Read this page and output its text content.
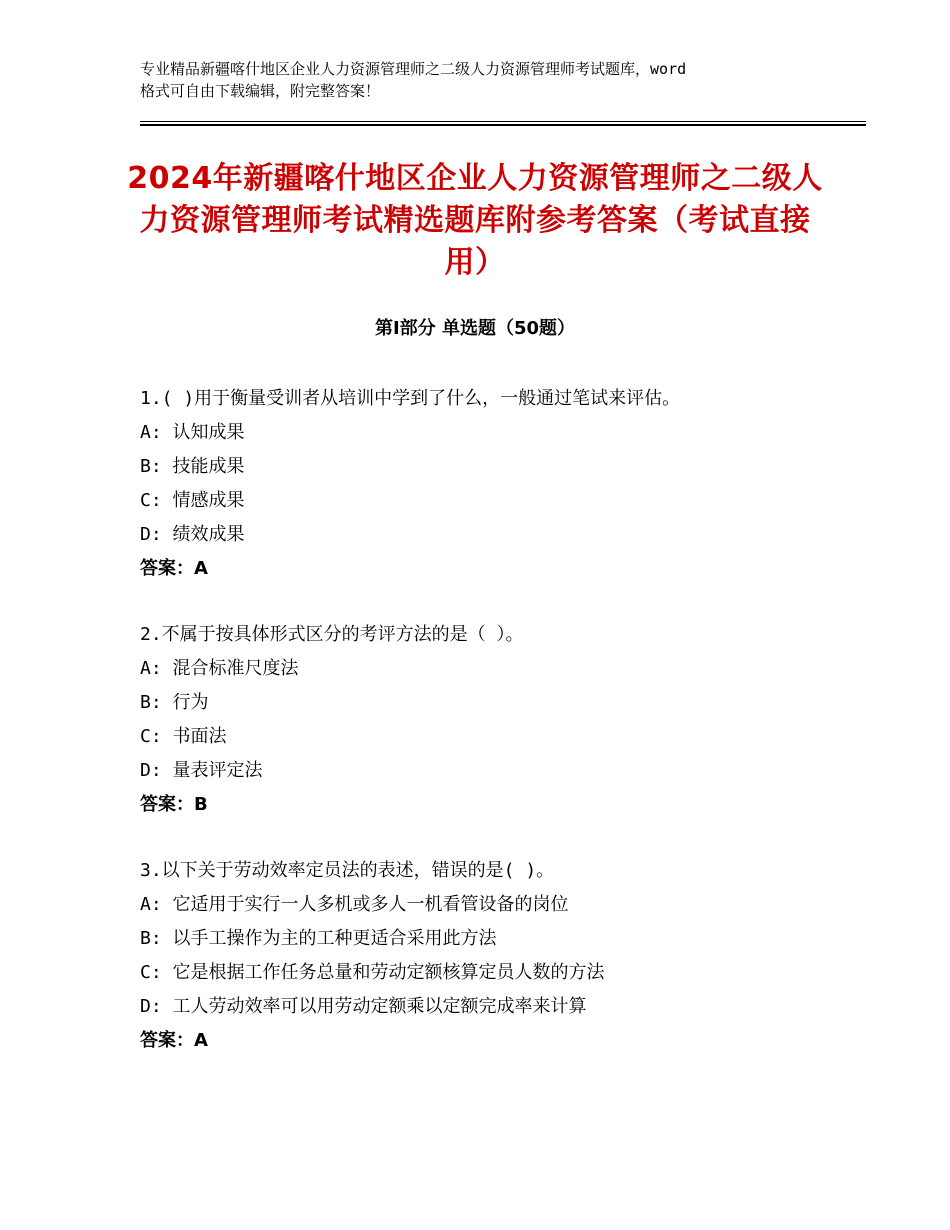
专业精品新疆喀什地区企业人力资源管理师之二级人力资源管理师考试题库，word
格式可自由下载编辑，附完整答案！
2024年新疆喀什地区企业人力资源管理师之二级人力资源管理师考试精选题库附参考答案（考试直接用）
第Ⅰ部分 单选题（50题）
1.( )用于衡量受训者从培训中学到了什么，一般通过笔试来评估。
A: 认知成果
B: 技能成果
C: 情感成果
D: 绩效成果
答案：A
2.不属于按具体形式区分的考评方法的是（ ）。
A: 混合标准尺度法
B: 行为
C: 书面法
D: 量表评定法
答案：B
3.以下关于劳动效率定员法的表述，错误的是( )。
A: 它适用于实行一人多机或多人一机看管设备的岗位
B: 以手工操作为主的工种更适合采用此方法
C: 它是根据工作任务总量和劳动定额核算定员人数的方法
D: 工人劳动效率可以用劳动定额乘以定额完成率来计算
答案：A
